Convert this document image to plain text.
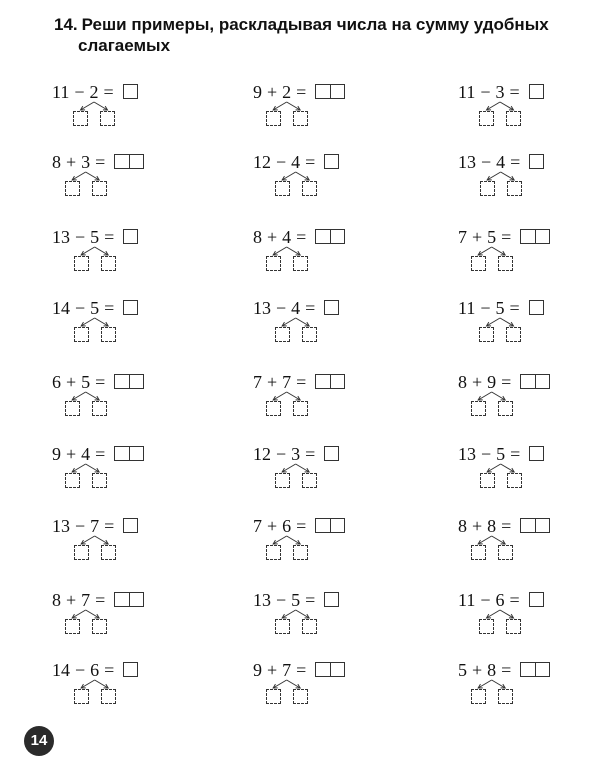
14. Реши примеры, раскладывая числа на сумму удобных
слагаемых
11 − 2 =	9 + 2 =	11 − 3 =
8 + 3 =	12 − 4 =	13 − 4 =
13 − 5 =	8 + 4 =	7 + 5 =
14 − 5 =	13 − 4 =	11 − 5 =
6 + 5 =	7 + 7 =	8 + 9 =
9 + 4 =	12 − 3 =	13 − 5 =
13 − 7 =	7 + 6 =	8 + 8 =
8 + 7 =	13 − 5 =	11 − 6 =
14 − 6 =	9 + 7 =	5 + 8 =
14
